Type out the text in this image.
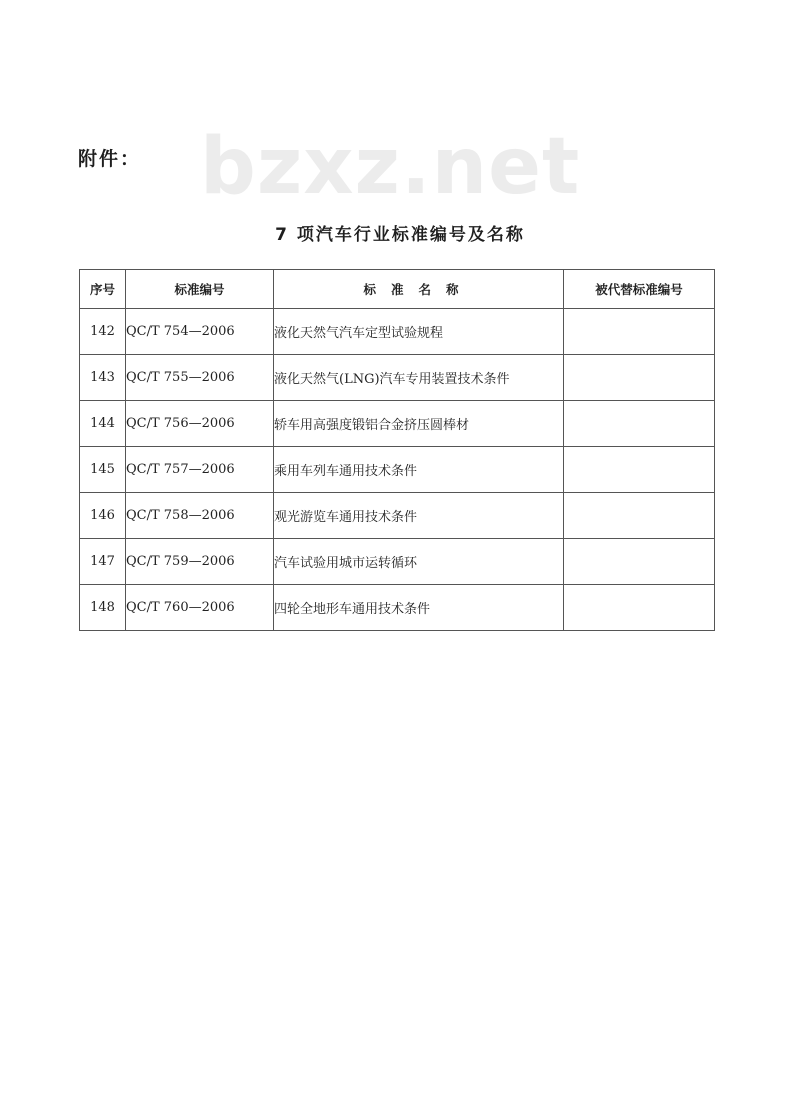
附件： bzxz.net
7 项汽车行业标准编号及名称
序号	标准编号	标准名称	被代替标准编号
142	QC/T 754—2006	液化天然气汽车定型试验规程	
143	QC/T 755—2006	液化天然气(LNG)汽车专用装置技术条件	
144	QC/T 756—2006	轿车用高强度锻铝合金挤压圆棒材	
145	QC/T 757—2006	乘用车列车通用技术条件	
146	QC/T 758—2006	观光游览车通用技术条件	
147	QC/T 759—2006	汽车试验用城市运转循环	
148	QC/T 760—2006	四轮全地形车通用技术条件	
